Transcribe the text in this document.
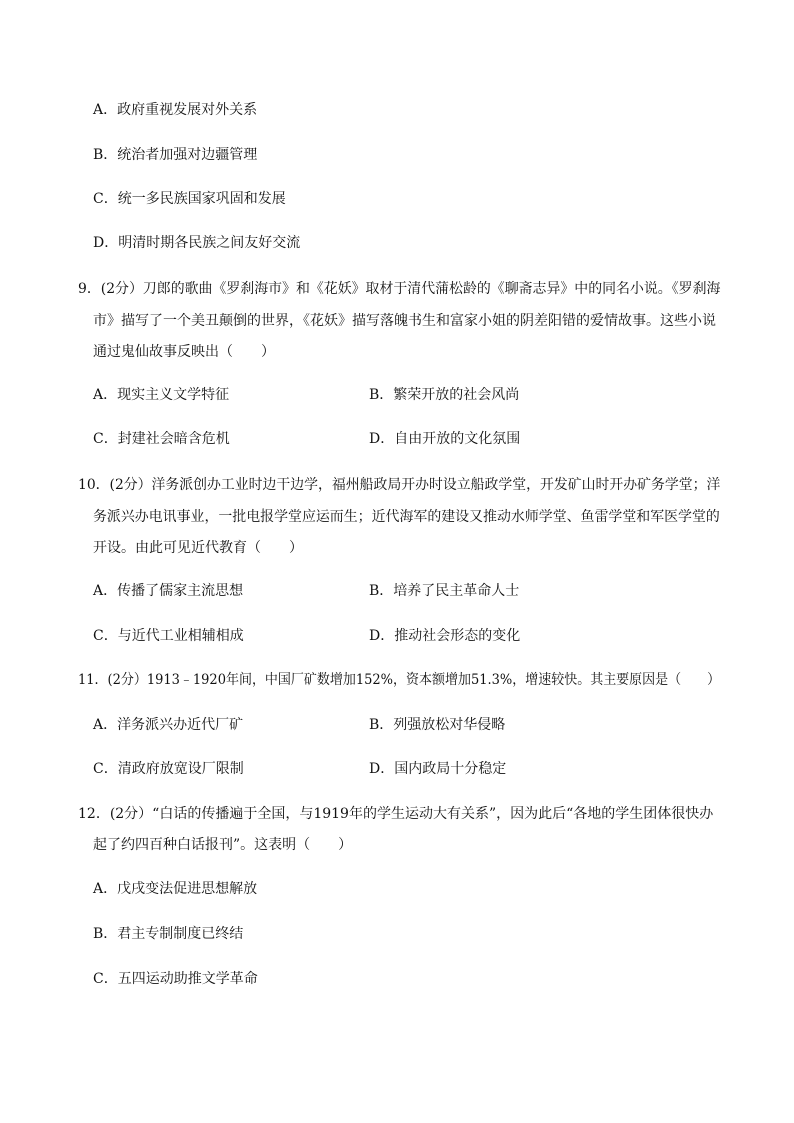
A．政府重视发展对外关系
B．统治者加强对边疆管理
C．统一多民族国家巩固和发展
D．明清时期各民族之间友好交流
9．(2分）刀郎的歌曲《罗刹海市》和《花妖》取材于清代蒲松龄的《聊斋志异》中的同名小说。《罗刹海
市》描写了一个美丑颠倒的世界，《花妖》描写落魄书生和富家小姐的阴差阳错的爱情故事。这些小说
通过鬼仙故事反映出（　　）
A．现实主义文学特征	B．繁荣开放的社会风尚
C．封建社会暗含危机	D．自由开放的文化氛围
10．(2分）洋务派创办工业时边干边学，福州船政局开办时设立船政学堂，开发矿山时开办矿务学堂；洋
务派兴办电讯事业，一批电报学堂应运而生；近代海军的建设又推动水师学堂、鱼雷学堂和军医学堂的
开设。由此可见近代教育（　　）
A．传播了儒家主流思想	B．培养了民主革命人士
C．与近代工业相辅相成	D．推动社会形态的变化
11．(2分）1913﹣1920年间，中国厂矿数增加152%，资本额增加51.3%，增速较快。其主要原因是（　　）
A．洋务派兴办近代厂矿	B．列强放松对华侵略
C．清政府放宽设厂限制	D．国内政局十分稳定
12．(2分）“白话的传播遍于全国，与1919年的学生运动大有关系”，因为此后“各地的学生团体很快办
起了约四百种白话报刊”。这表明（　　）
A．戊戌变法促进思想解放
B．君主专制制度已终结
C．五四运动助推文学革命
